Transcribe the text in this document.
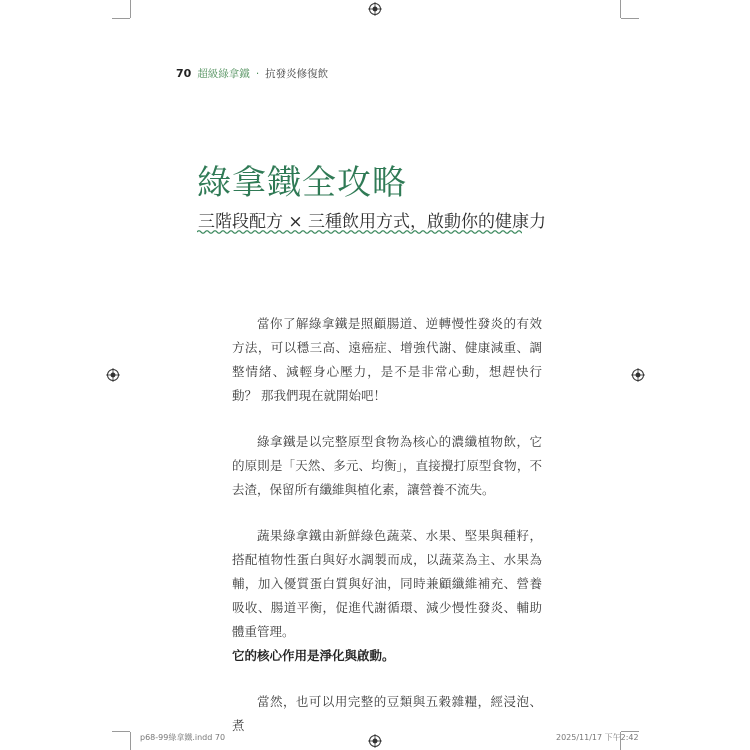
70 超級綠拿鐵 · 抗發炎修復飲
綠拿鐵全攻略
三階段配方 × 三種飲用方式，啟動你的健康力

當你了解綠拿鐵是照顧腸道、逆轉慢性發炎的有效方法，可以穩三高、遠癌症、增強代謝、健康減重、調整情緒、減輕身心壓力，是不是非常心動，想趕快行動？ 那我們現在就開始吧！

綠拿鐵是以完整原型食物為核心的濃纖植物飲，它的原則是「天然、多元、均衡」，直接攪打原型食物，不去渣，保留所有纖維與植化素，讓營養不流失。

蔬果綠拿鐵由新鮮綠色蔬菜、水果、堅果與種籽，搭配植物性蛋白與好水調製而成，以蔬菜為主、水果為輔，加入優質蛋白質與好油，同時兼顧纖維補充、營養吸收、腸道平衡，促進代謝循環、減少慢性發炎、輔助體重管理。
它的核心作用是淨化與啟動。

當然，也可以用完整的豆類與五穀雜糧，經浸泡、煮

p68-99綠拿鐵.indd 70	2025/11/17 下午2:42
